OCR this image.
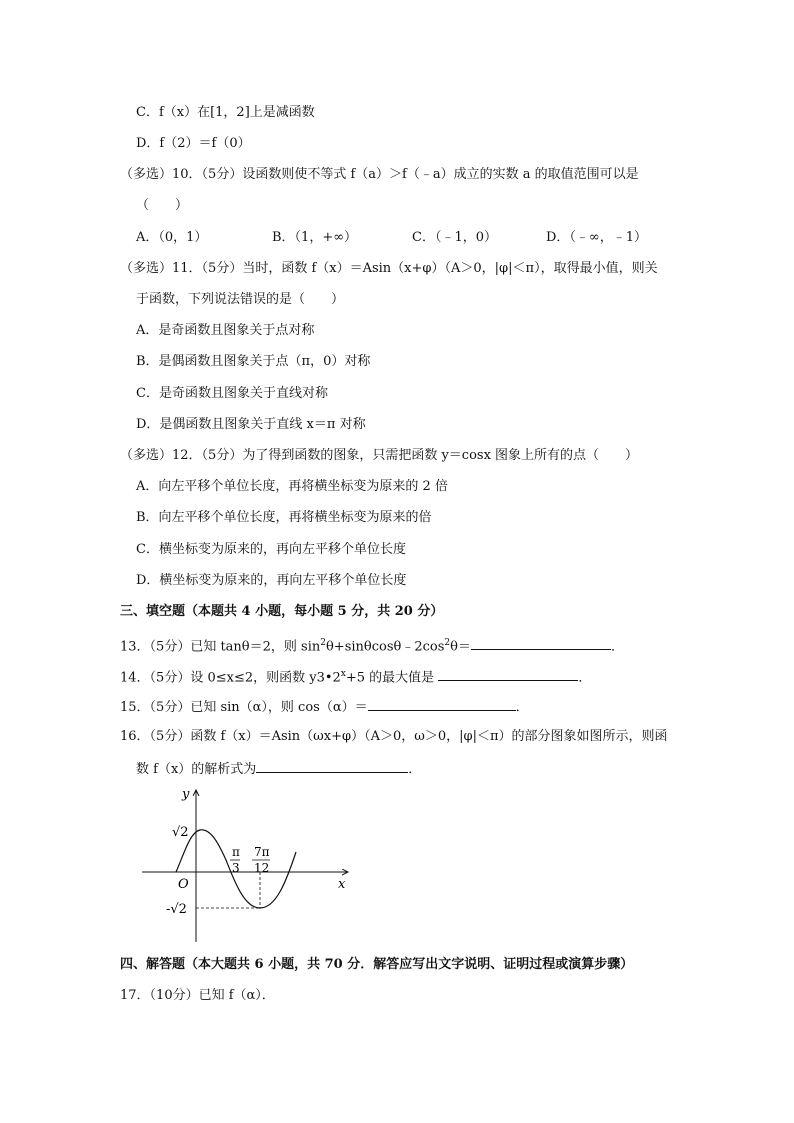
C．f（x）在[1，2]上是减函数
D．f（2）＝f（0）
（多选）10．（5分）设函数则使不等式 f（a）＞f（﹣a）成立的实数 a 的取值范围可以是
（　　）
A．（0，1）	B．（1，+∞）	C．（﹣1，0）	D．（﹣∞，﹣1）
（多选）11．（5分）当时，函数 f（x）＝Asin（x+φ）（A＞0，|φ|＜π），取得最小值，则关
于函数，下列说法错误的是（　　）
A．是奇函数且图象关于点对称
B．是偶函数且图象关于点（π，0）对称
C．是奇函数且图象关于直线对称
D．是偶函数且图象关于直线 x＝π 对称
（多选）12．（5分）为了得到函数的图象，只需把函数 y＝cosx 图象上所有的点（　　）
A．向左平移个单位长度，再将横坐标变为原来的 2 倍
B．向左平移个单位长度，再将横坐标变为原来的倍
C．横坐标变为原来的，再向左平移个单位长度
D．横坐标变为原来的，再向左平移个单位长度
三、填空题（本题共 4 小题，每小题 5 分，共 20 分）
13．（5分）已知 tanθ＝2，则 $\sin^2\theta+\sin\theta\cos\theta﹣2\cos^2\theta=$	．
14．（5分）设 0≤x≤2，则函数 $y3•2^x+5$ 的最大值是	．
15．（5分）已知 sin（α），则 cos（α）＝	．
16．（5分）函数 f（x）＝Asin（ωx+φ）（A＞0，ω＞0，|φ|＜π）的部分图象如图所示，则函
数 f（x）的解析式为	．
y
x
O
√2
-√2
π
3
7π
12
四、解答题（本大题共 6 小题，共 70 分．解答应写出文字说明、证明过程或演算步骤）
17．（10分）已知 f（α）．
